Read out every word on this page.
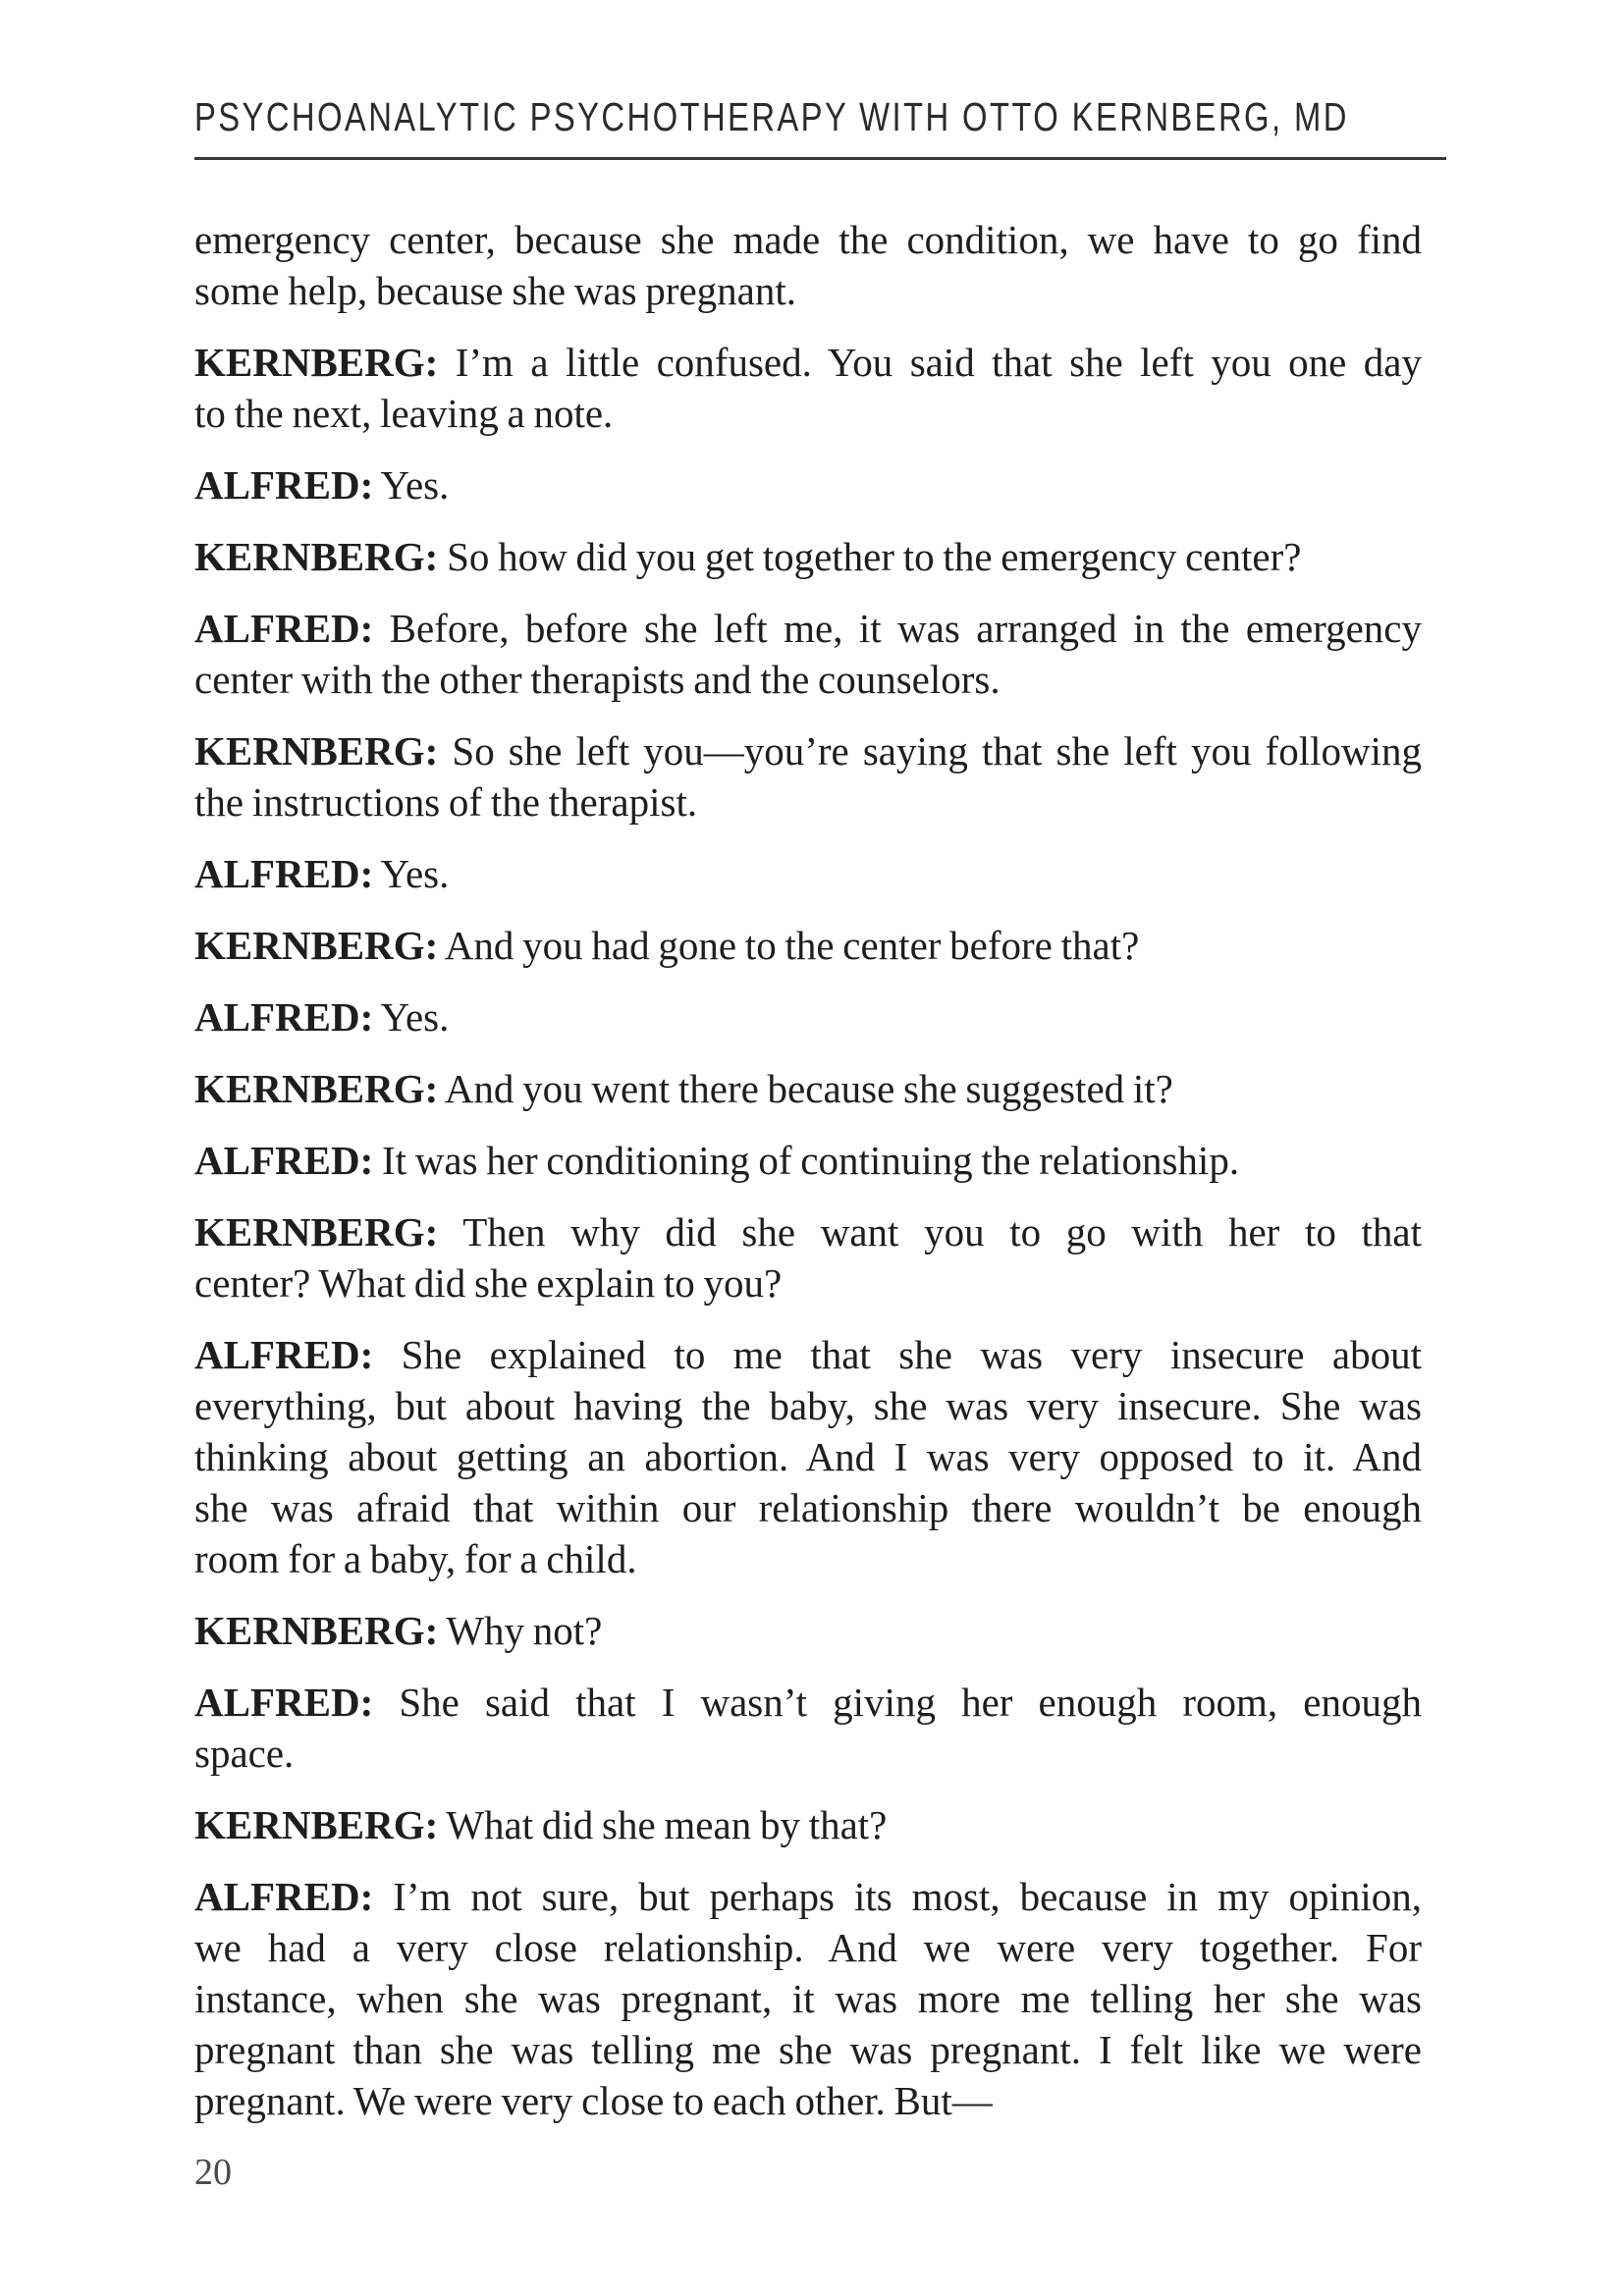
PSYCHOANALYTIC PSYCHOTHERAPY WITH OTTO KERNBERG, MD

emergency center, because she made the condition, we have to go find
some help, because she was pregnant.

KERNBERG: I’m a little confused. You said that she left you one day
to the next, leaving a note.

ALFRED: Yes.

KERNBERG: So how did you get together to the emergency center?

ALFRED: Before, before she left me, it was arranged in the emergency
center with the other therapists and the counselors.

KERNBERG: So she left you—you’re saying that she left you following
the instructions of the therapist.

ALFRED: Yes.

KERNBERG: And you had gone to the center before that?

ALFRED: Yes.

KERNBERG: And you went there because she suggested it?

ALFRED: It was her conditioning of continuing the relationship.

KERNBERG: Then why did she want you to go with her to that
center? What did she explain to you?

ALFRED: She explained to me that she was very insecure about
everything, but about having the baby, she was very insecure. She was
thinking about getting an abortion. And I was very opposed to it. And
she was afraid that within our relationship there wouldn’t be enough
room for a baby, for a child.

KERNBERG: Why not?

ALFRED: She said that I wasn’t giving her enough room, enough
space.

KERNBERG: What did she mean by that?

ALFRED: I’m not sure, but perhaps its most, because in my opinion,
we had a very close relationship. And we were very together. For
instance, when she was pregnant, it was more me telling her she was
pregnant than she was telling me she was pregnant. I felt like we were
pregnant. We were very close to each other. But—

20
